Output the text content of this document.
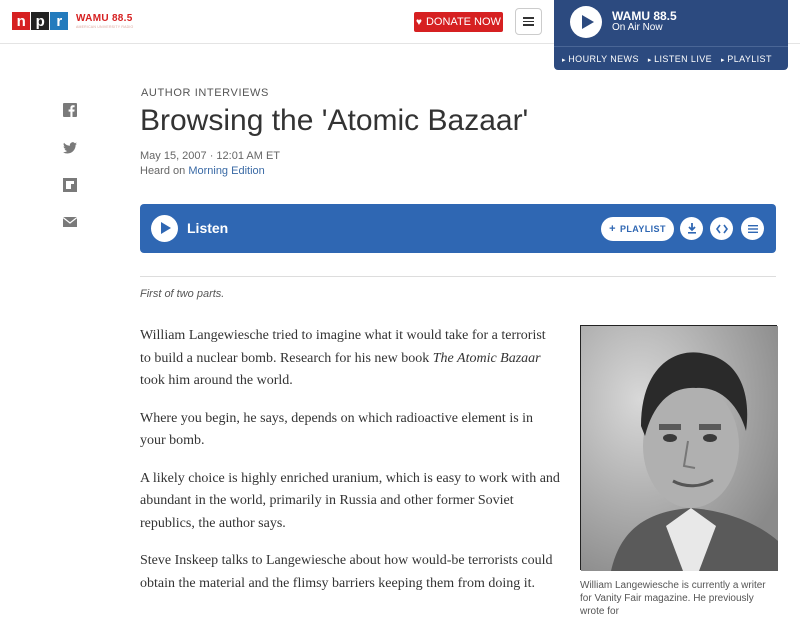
n p r	WAMU 88.5
AMERICAN UNIVERSITY RADIO	♥ DONATE NOW	WAMU 88.5
On Air Now
▸ HOURLY NEWS	▸ LISTEN LIVE	▸ PLAYLIST
AUTHOR INTERVIEWS
Browsing the 'Atomic Bazaar'
May 15, 2007 · 12:01 AM ET
Heard on Morning Edition
Listen	+ PLAYLIST
First of two parts.

William Langewiesche tried to imagine what it would take for a terrorist to build a nuclear bomb. Research for his new book The Atomic Bazaar took him around the world.

Where you begin, he says, depends on which radioactive element is in your bomb.

A likely choice is highly enriched uranium, which is easy to work with and abundant in the world, primarily in Russia and other former Soviet republics, the author says.

Steve Inskeep talks to Langewiesche about how would-be terrorists could obtain the material and the flimsy barriers keeping them from doing it.	William Langewiesche is currently a writer for Vanity Fair magazine. He previously wrote for
